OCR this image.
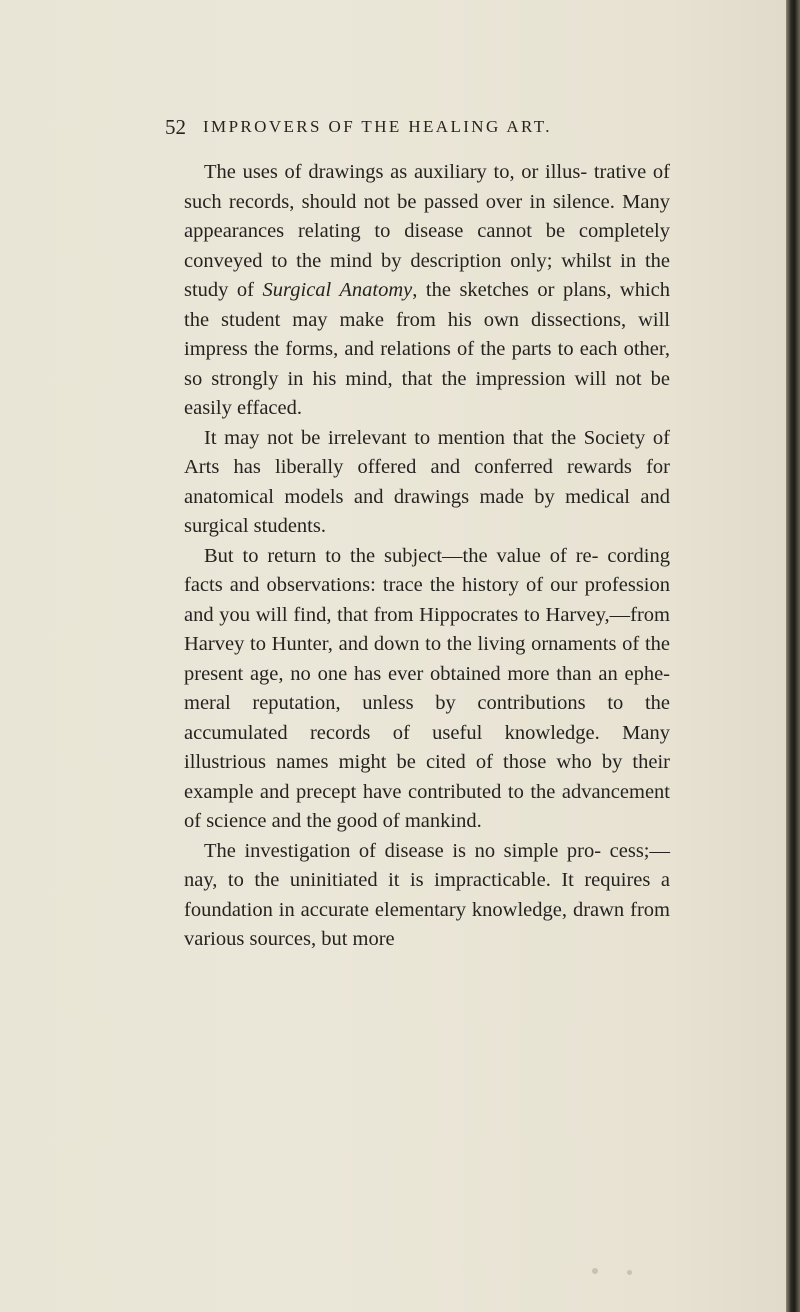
52 IMPROVERS OF THE HEALING ART.

The uses of drawings as auxiliary to, or illus- trative of such records, should not be passed over in silence. Many appearances relating to disease cannot be completely conveyed to the mind by description only; whilst in the study of Surgical Anatomy, the sketches or plans, which the student may make from his own dissections, will impress the forms, and relations of the parts to each other, so strongly in his mind, that the impression will not be easily effaced.

It may not be irrelevant to mention that the Society of Arts has liberally offered and conferred rewards for anatomical models and drawings made by medical and surgical students.

But to return to the subject—the value of re- cording facts and observations: trace the history of our profession and you will find, that from Hippocrates to Harvey,—from Harvey to Hunter, and down to the living ornaments of the present age, no one has ever obtained more than an ephe- meral reputation, unless by contributions to the accumulated records of useful knowledge. Many illustrious names might be cited of those who by their example and precept have contributed to the advancement of science and the good of mankind.

The investigation of disease is no simple pro- cess;—nay, to the uninitiated it is impracticable. It requires a foundation in accurate elementary knowledge, drawn from various sources, but more
